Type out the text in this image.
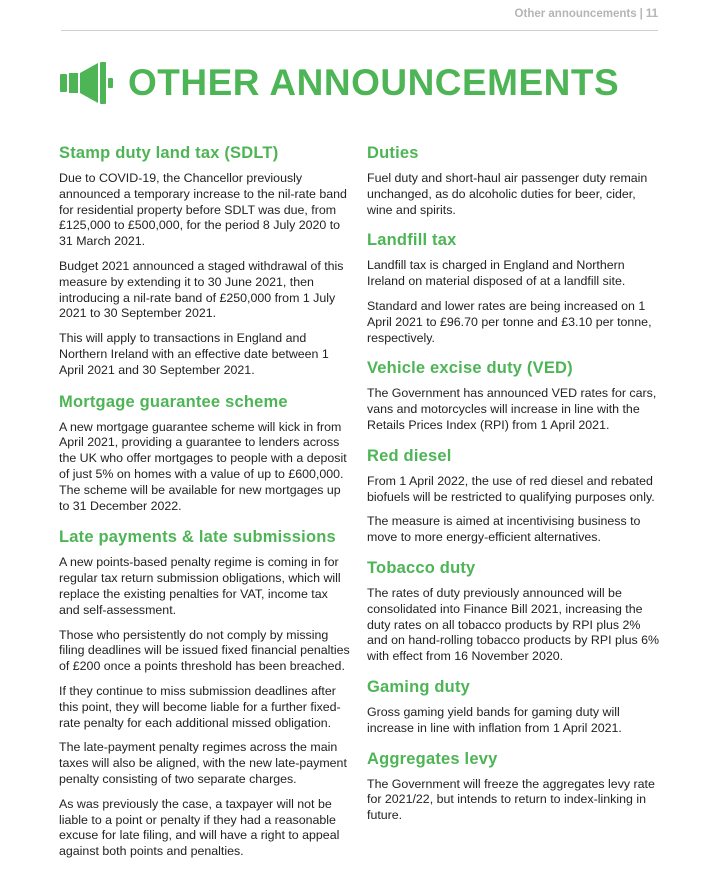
Other announcements | 11
OTHER ANNOUNCEMENTS
Stamp duty land tax (SDLT)

Due to COVID-19, the Chancellor previously announced a temporary increase to the nil-rate band for residential property before SDLT was due, from £125,000 to £500,000, for the period 8 July 2020 to 31 March 2021.

Budget 2021 announced a staged withdrawal of this measure by extending it to 30 June 2021, then introducing a nil-rate band of £250,000 from 1 July 2021 to 30 September 2021.

This will apply to transactions in England and Northern Ireland with an effective date between 1 April 2021 and 30 September 2021.

Mortgage guarantee scheme

A new mortgage guarantee scheme will kick in from April 2021, providing a guarantee to lenders across the UK who offer mortgages to people with a deposit of just 5% on homes with a value of up to £600,000. The scheme will be available for new mortgages up to 31 December 2022.

Late payments & late submissions

A new points-based penalty regime is coming in for regular tax return submission obligations, which will replace the existing penalties for VAT, income tax and self-assessment.

Those who persistently do not comply by missing filing deadlines will be issued fixed financial penalties of £200 once a points threshold has been breached.

If they continue to miss submission deadlines after this point, they will become liable for a further fixed-rate penalty for each additional missed obligation.

The late-payment penalty regimes across the main taxes will also be aligned, with the new late-payment penalty consisting of two separate charges.

As was previously the case, a taxpayer will not be liable to a point or penalty if they had a reasonable excuse for late filing, and will have a right to appeal against both points and penalties.

Duties

Fuel duty and short-haul air passenger duty remain unchanged, as do alcoholic duties for beer, cider, wine and spirits.

Landfill tax

Landfill tax is charged in England and Northern Ireland on material disposed of at a landfill site.

Standard and lower rates are being increased on 1 April 2021 to £96.70 per tonne and £3.10 per tonne, respectively.

Vehicle excise duty (VED)

The Government has announced VED rates for cars, vans and motorcycles will increase in line with the Retails Prices Index (RPI) from 1 April 2021.

Red diesel

From 1 April 2022, the use of red diesel and rebated biofuels will be restricted to qualifying purposes only.

The measure is aimed at incentivising business to move to more energy-efficient alternatives.

Tobacco duty

The rates of duty previously announced will be consolidated into Finance Bill 2021, increasing the duty rates on all tobacco products by RPI plus 2% and on hand-rolling tobacco products by RPI plus 6% with effect from 16 November 2020.

Gaming duty

Gross gaming yield bands for gaming duty will increase in line with inflation from 1 April 2021.

Aggregates levy

The Government will freeze the aggregates levy rate for 2021/22, but intends to return to index-linking in future.
